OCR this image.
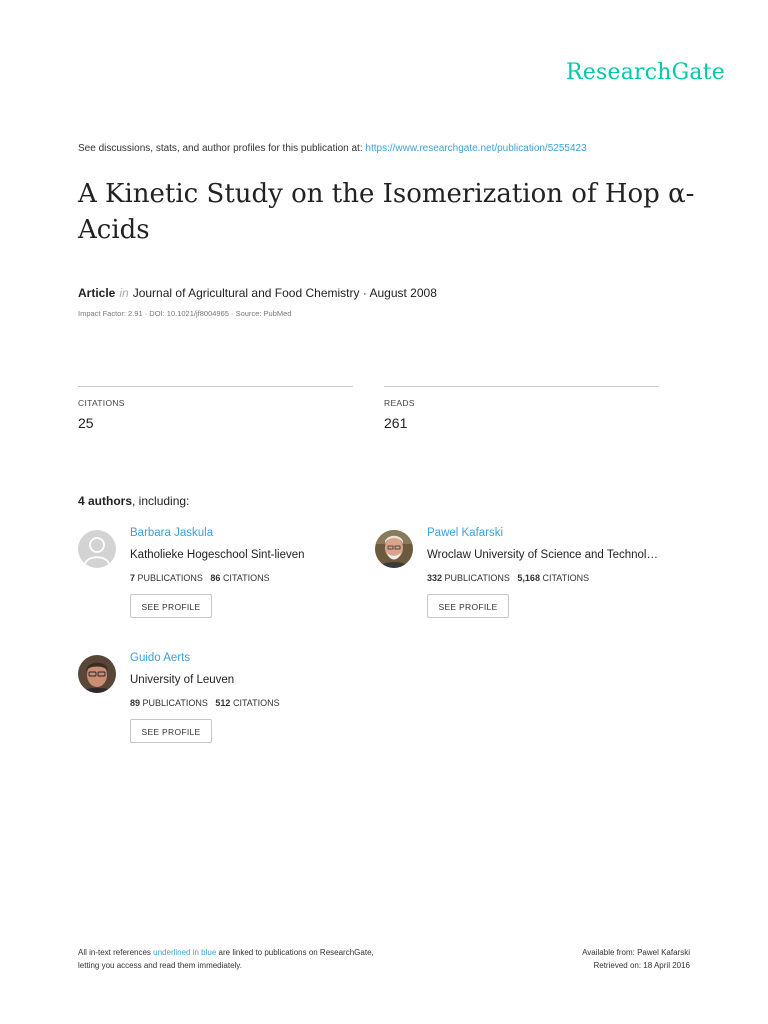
ResearchGate
See discussions, stats, and author profiles for this publication at: https://www.researchgate.net/publication/5255423
A Kinetic Study on the Isomerization of Hop α-Acids
Article in Journal of Agricultural and Food Chemistry · August 2008
Impact Factor: 2.91 · DOI: 10.1021/jf8004965 · Source: PubMed
CITATIONS
25
READS
261
4 authors, including:
Barbara Jaskula
Katholieke Hogeschool Sint-lieven
7 PUBLICATIONS 86 CITATIONS
SEE PROFILE
Pawel Kafarski
Wroclaw University of Science and Technol…
332 PUBLICATIONS 5,168 CITATIONS
SEE PROFILE
Guido Aerts
University of Leuven
89 PUBLICATIONS 512 CITATIONS
SEE PROFILE
All in-text references underlined in blue are linked to publications on ResearchGate,
letting you access and read them immediately.
Available from: Pawel Kafarski
Retrieved on: 18 April 2016
